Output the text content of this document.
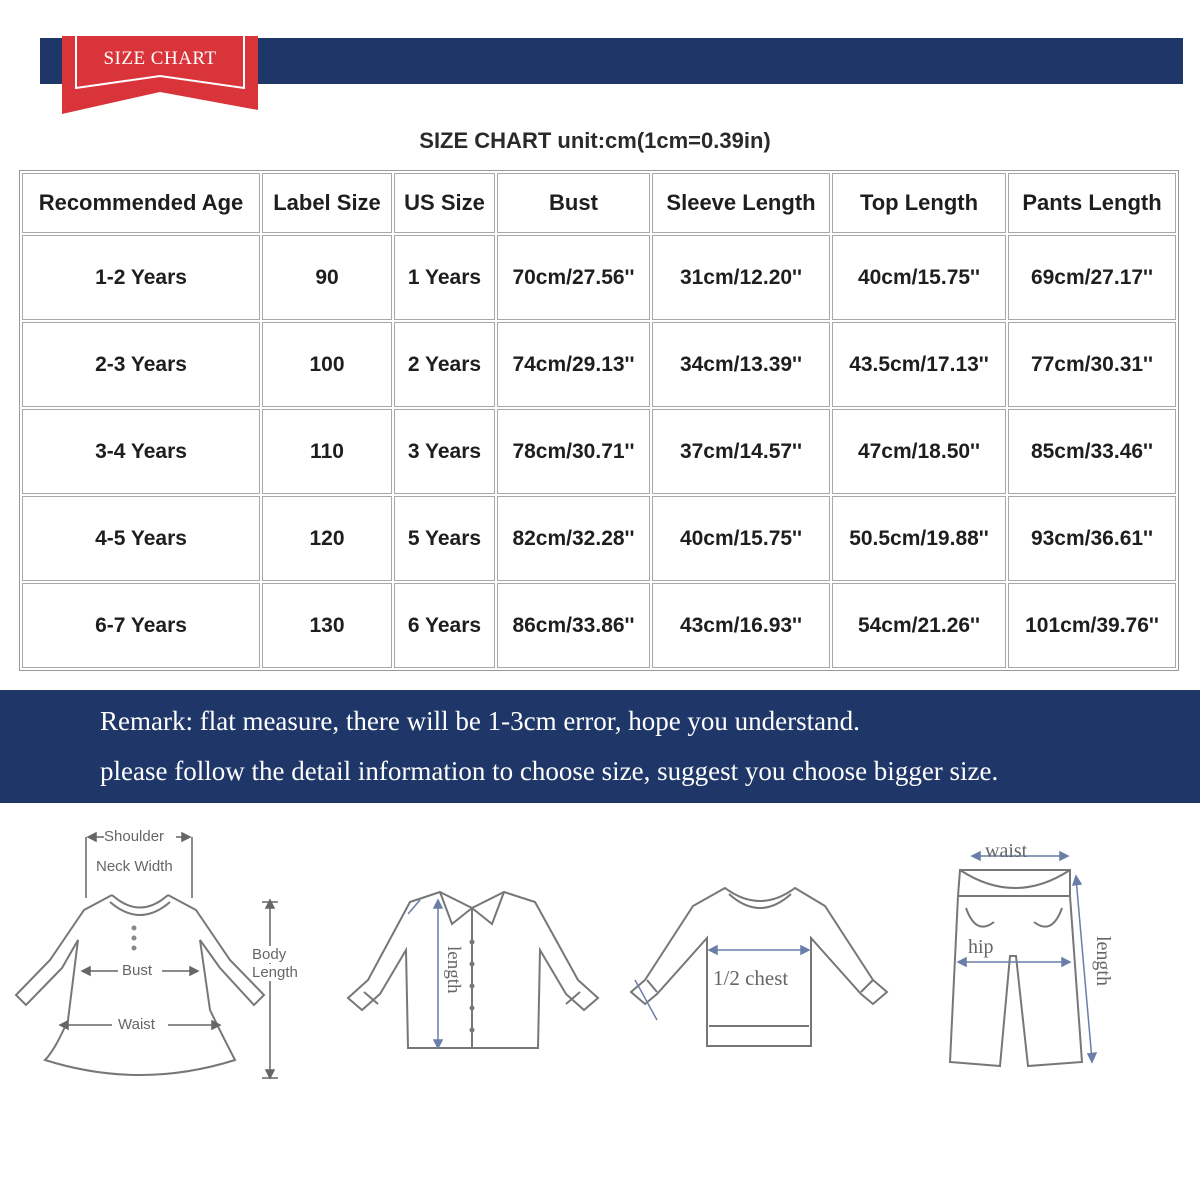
SIZE CHART
SIZE CHART unit:cm(1cm=0.39in)
Recommended Age	Label Size	US Size	Bust	Sleeve Length	Top Length	Pants Length
1-2 Years	90	1 Years	70cm/27.56''	31cm/12.20''	40cm/15.75''	69cm/27.17''
2-3 Years	100	2 Years	74cm/29.13''	34cm/13.39''	43.5cm/17.13''	77cm/30.31''
3-4 Years	110	3 Years	78cm/30.71''	37cm/14.57''	47cm/18.50''	85cm/33.46''
4-5 Years	120	5 Years	82cm/32.28''	40cm/15.75''	50.5cm/19.88''	93cm/36.61''
6-7 Years	130	6 Years	86cm/33.86''	43cm/16.93''	54cm/21.26''	101cm/39.76''
Remark: flat measure, there will be 1-3cm error, hope you understand.
please follow the detail information to choose size, suggest you choose bigger size.
Shoulder
Neck Width
Body
Length
Bust
Waist
length	1/2 chest
waist
hip	length
